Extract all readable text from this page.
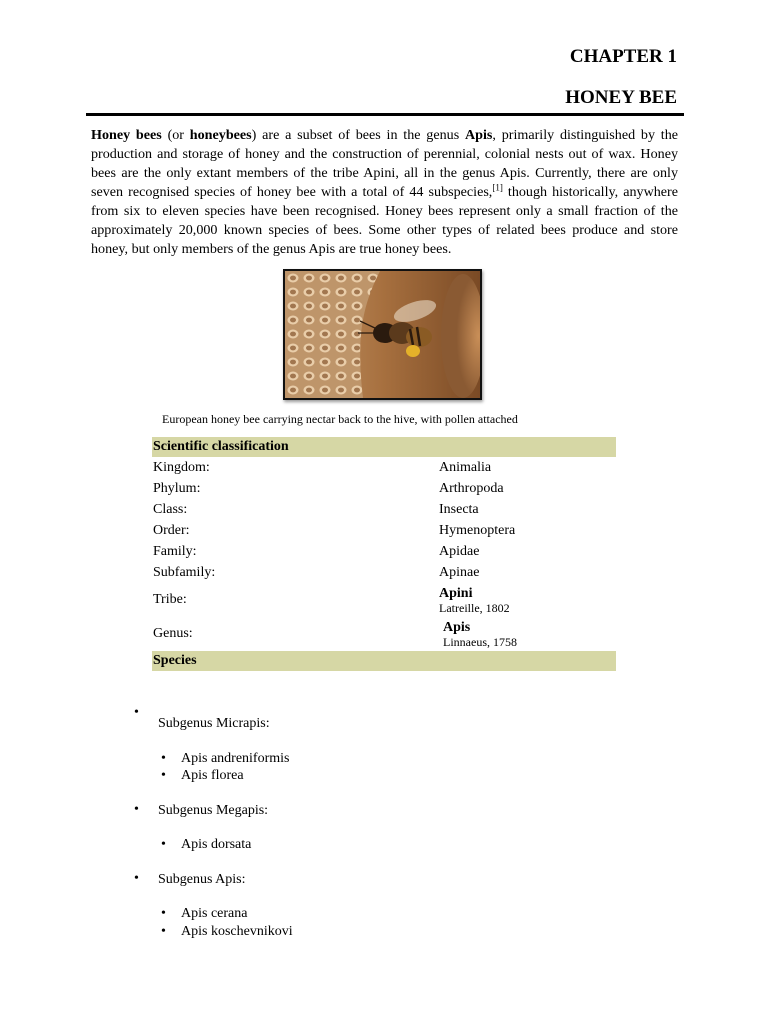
CHAPTER 1
HONEY BEE

Honey bees (or honeybees) are a subset of bees in the genus Apis, primarily distinguished by the production and storage of honey and the construction of perennial, colonial nests out of wax. Honey bees are the only extant members of the tribe Apini, all in the genus Apis. Currently, there are only seven recognised species of honey bee with a total of 44 subspecies,[1] though historically, anywhere from six to eleven species have been recognised. Honey bees represent only a small fraction of the approximately 20,000 known species of bees. Some other types of related bees produce and store honey, but only members of the genus Apis are true honey bees.

European honey bee carrying nectar back to the hive, with pollen attached

Scientific classification	
Kingdom:	Animalia
Phylum:	Arthropoda
Class:	Insecta
Order:	Hymenoptera
Family:	Apidae
Subfamily:	Apinae
Tribe:	Apini
Latreille, 1802

Genus:	Apis
Linnaeus, 1758

Species	
• Subgenus Micrapis:
• Apis andreniformis
• Apis florea
• Subgenus Megapis:
• Apis dorsata
• Subgenus Apis:
• Apis cerana
• Apis koschevnikovi
